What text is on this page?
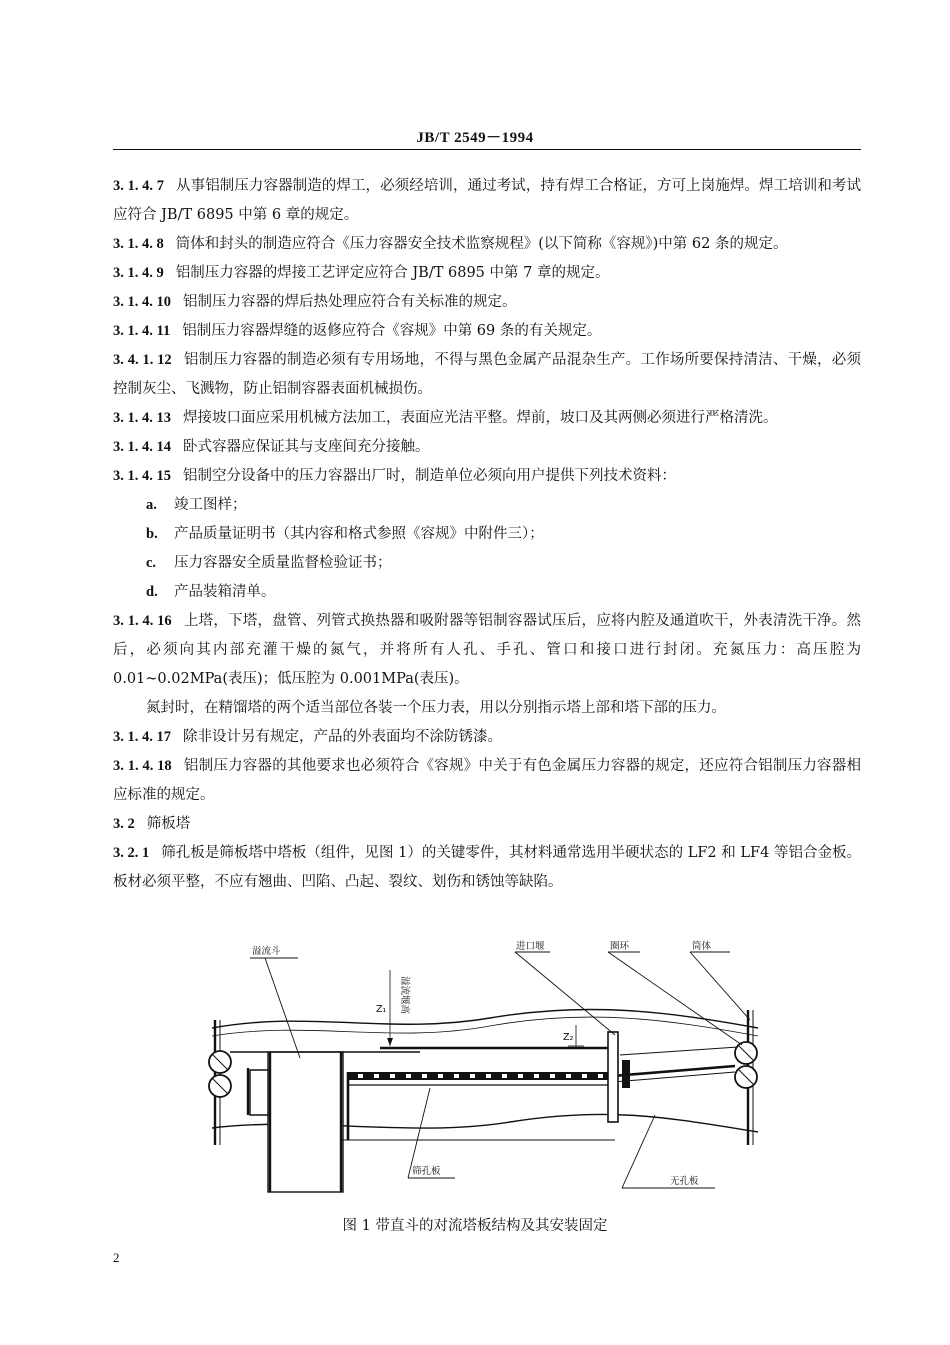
JB/T 2549－1994

3. 1. 4. 7 从事铝制压力容器制造的焊工，必须经培训，通过考试，持有焊工合格证，方可上岗施焊。焊工培训和考试应符合 JB/T 6895 中第 6 章的规定。

3. 1. 4. 8 筒体和封头的制造应符合《压力容器安全技术监察规程》(以下简称《容规》)中第 62 条的规定。

3. 1. 4. 9 铝制压力容器的焊接工艺评定应符合 JB/T 6895 中第 7 章的规定。

3. 1. 4. 10 铝制压力容器的焊后热处理应符合有关标准的规定。

3. 1. 4. 11 铝制压力容器焊缝的返修应符合《容规》中第 69 条的有关规定。

3. 4. 1. 12 铝制压力容器的制造必须有专用场地，不得与黑色金属产品混杂生产。工作场所要保持清洁、干燥，必须控制灰尘、飞溅物，防止铝制容器表面机械损伤。

3. 1. 4. 13 焊接坡口面应采用机械方法加工，表面应光洁平整。焊前，坡口及其两侧必须进行严格清洗。

3. 1. 4. 14 卧式容器应保证其与支座间充分接触。

3. 1. 4. 15 铝制空分设备中的压力容器出厂时，制造单位必须向用户提供下列技术资料：

a. 竣工图样；

b. 产品质量证明书（其内容和格式参照《容规》中附件三）；

c. 压力容器安全质量监督检验证书；

d. 产品装箱清单。

3. 1. 4. 16 上塔，下塔，盘管、列管式换热器和吸附器等铝制容器试压后，应将内腔及通道吹干，外表清洗干净。然后，必须向其内部充灌干燥的氮气，并将所有人孔、手孔、管口和接口进行封闭。充氮压力：高压腔为 0.01~0.02MPa(表压)；低压腔为 0.001MPa(表压)。

氮封时，在精馏塔的两个适当部位各装一个压力表，用以分别指示塔上部和塔下部的压力。

3. 1. 4. 17 除非设计另有规定，产品的外表面均不涂防锈漆。

3. 1. 4. 18 铝制压力容器的其他要求也必须符合《容规》中关于有色金属压力容器的规定，还应符合铝制压力容器相应标准的规定。

3. 2 筛板塔

3. 2. 1 筛孔板是筛板塔中塔板（组件，见图 1）的关键零件，其材料通常选用半硬状态的 LF2 和 LF4 等铝合金板。板材必须平整，不应有翘曲、凹陷、凸起、裂纹、划伤和锈蚀等缺陷。

溢流斗	进口堰	圈环	筒体
筛孔板
无孔板
Z₁
Z₂
溢流堰高
图 1 带直斗的对流塔板结构及其安装固定
2
